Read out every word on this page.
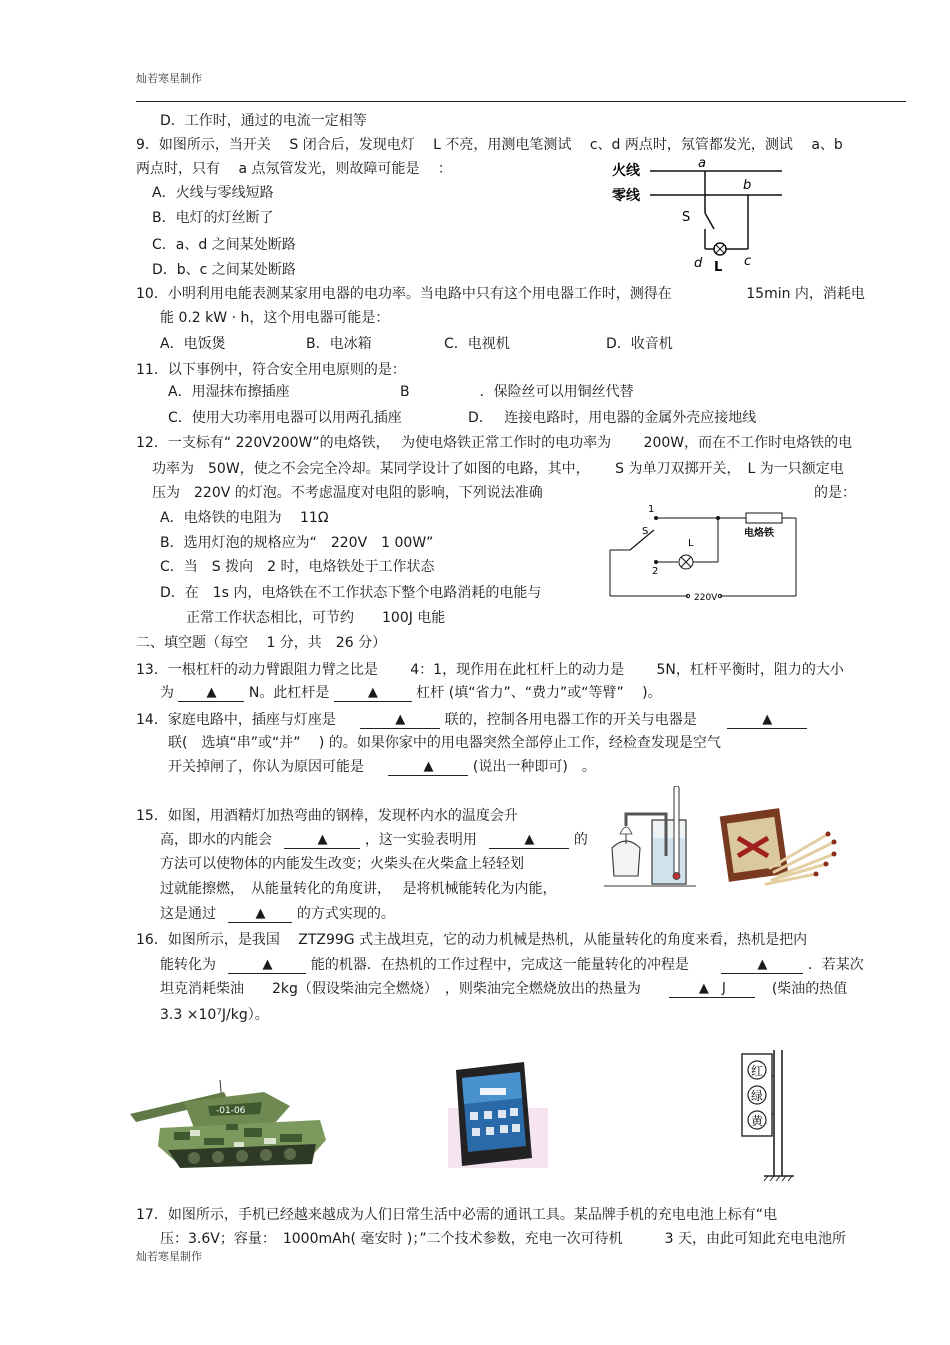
灿若寒星制作
D．工作时，通过的电流一定相等
9．如图所示，当开关　 S 闭合后，发现电灯　 L 不亮，用测电笔测试　 c、d 两点时，氖管都发光，测试　 a、b
两点时，只有　 a 点氖管发光，则故障可能是　 ：
A．火线与零线短路
B．电灯的灯丝断了
C．a、d 之间某处断路
D．b、c 之间某处断路
10．小明利用电能表测某家用电器的电功率。当电路中只有这个用电器工作时，测得在　　　　　 15min 内，消耗电
能 0.2 kW · h，这个用电器可能是：
A．电饭煲	B．电冰箱	C．电视机	D．收音机
11．以下事例中，符合安全用电原则的是：
A．用湿抹布擦插座	B　　　　　．保险丝可以用铜丝代替
C．使用大功率用电器可以用两孔插座	D．　 连接电路时，用电器的金属外壳应接地线
12．一支标有“ 220V200W”的电烙铁，　 为使电烙铁正常工作时的电功率为　　 200W，而在不工作时电烙铁的电
功率为　50W，使之不会完全冷却。某同学设计了如图的电路，其中，　　 S 为单刀双掷开关，　L 为一只额定电
压为　220V 的灯泡。不考虑温度对电阻的影响，下列说法准确	的是：
A．电烙铁的电阻为　 11Ω
B．选用灯泡的规格应为“　220V　1 00W”
C．当　S 拨向　2 时，电烙铁处于工作状态
D．在　1s 内，电烙铁在不工作状态下整个电路消耗的电能与
正常工作状态相比，可节约　　100J 电能
二、填空题（每空　 1 分，共　26 分）
13．一根杠杆的动力臂跟阻力臂之比是　　 4：1，现作用在此杠杆上的动力是　　 5N，杠杆平衡时，阻力的大小
为 ▲ N。此杠杆是	▲	杠杆 (填“省力”、“费力”或“等臂”　 )。
14．家庭电路中，插座与灯座是	▲	联的，控制各用电器工作的开关与电器是	▲
联(　选填“串”或“并”　 ) 的。如果你家中的用电器突然全部停止工作，经检查发现是空气
开关掉闸了，你认为原因可能是	▲	(说出一种即可)　。
15．如图，用酒精灯加热弯曲的钢棒，发现杯内水的温度会升
高，即水的内能会	▲	，这一实验表明用	▲	的
方法可以使物体的内能发生改变；火柴头在火柴盒上轻轻划
过就能擦燃，　从能量转化的角度讲，　 是将机械能转化为内能，
这是通过	▲ 的方式实现的。
16．如图所示，是我国　 ZTZ99G 式主战坦克，它的动力机械是热机，从能量转化的角度来看，热机是把内
能转化为	▲	能的机器．在热机的工作过程中，完成这一能量转化的冲程是	▲	．若某次
坦克消耗柴油　　2kg（假设柴油完全燃烧）　，则柴油完全燃烧放出的热量为	▲　 J	(柴油的热值
3.3 ×10⁷J/kg）。
17．如图所示，手机已经越来越成为人们日常生活中必需的通讯工具。某品牌手机的充电电池上标有“电
压：3.6V；容量：　1000mAh( 毫安时 )；”二个技术参数，充电一次可待机　　　3 天，由此可知此充电电池所
灿若寒星制作
火线
零线
a
b
S
d L c
1
2
S
L
电烙铁
220V
-01-06
红
绿
黄
